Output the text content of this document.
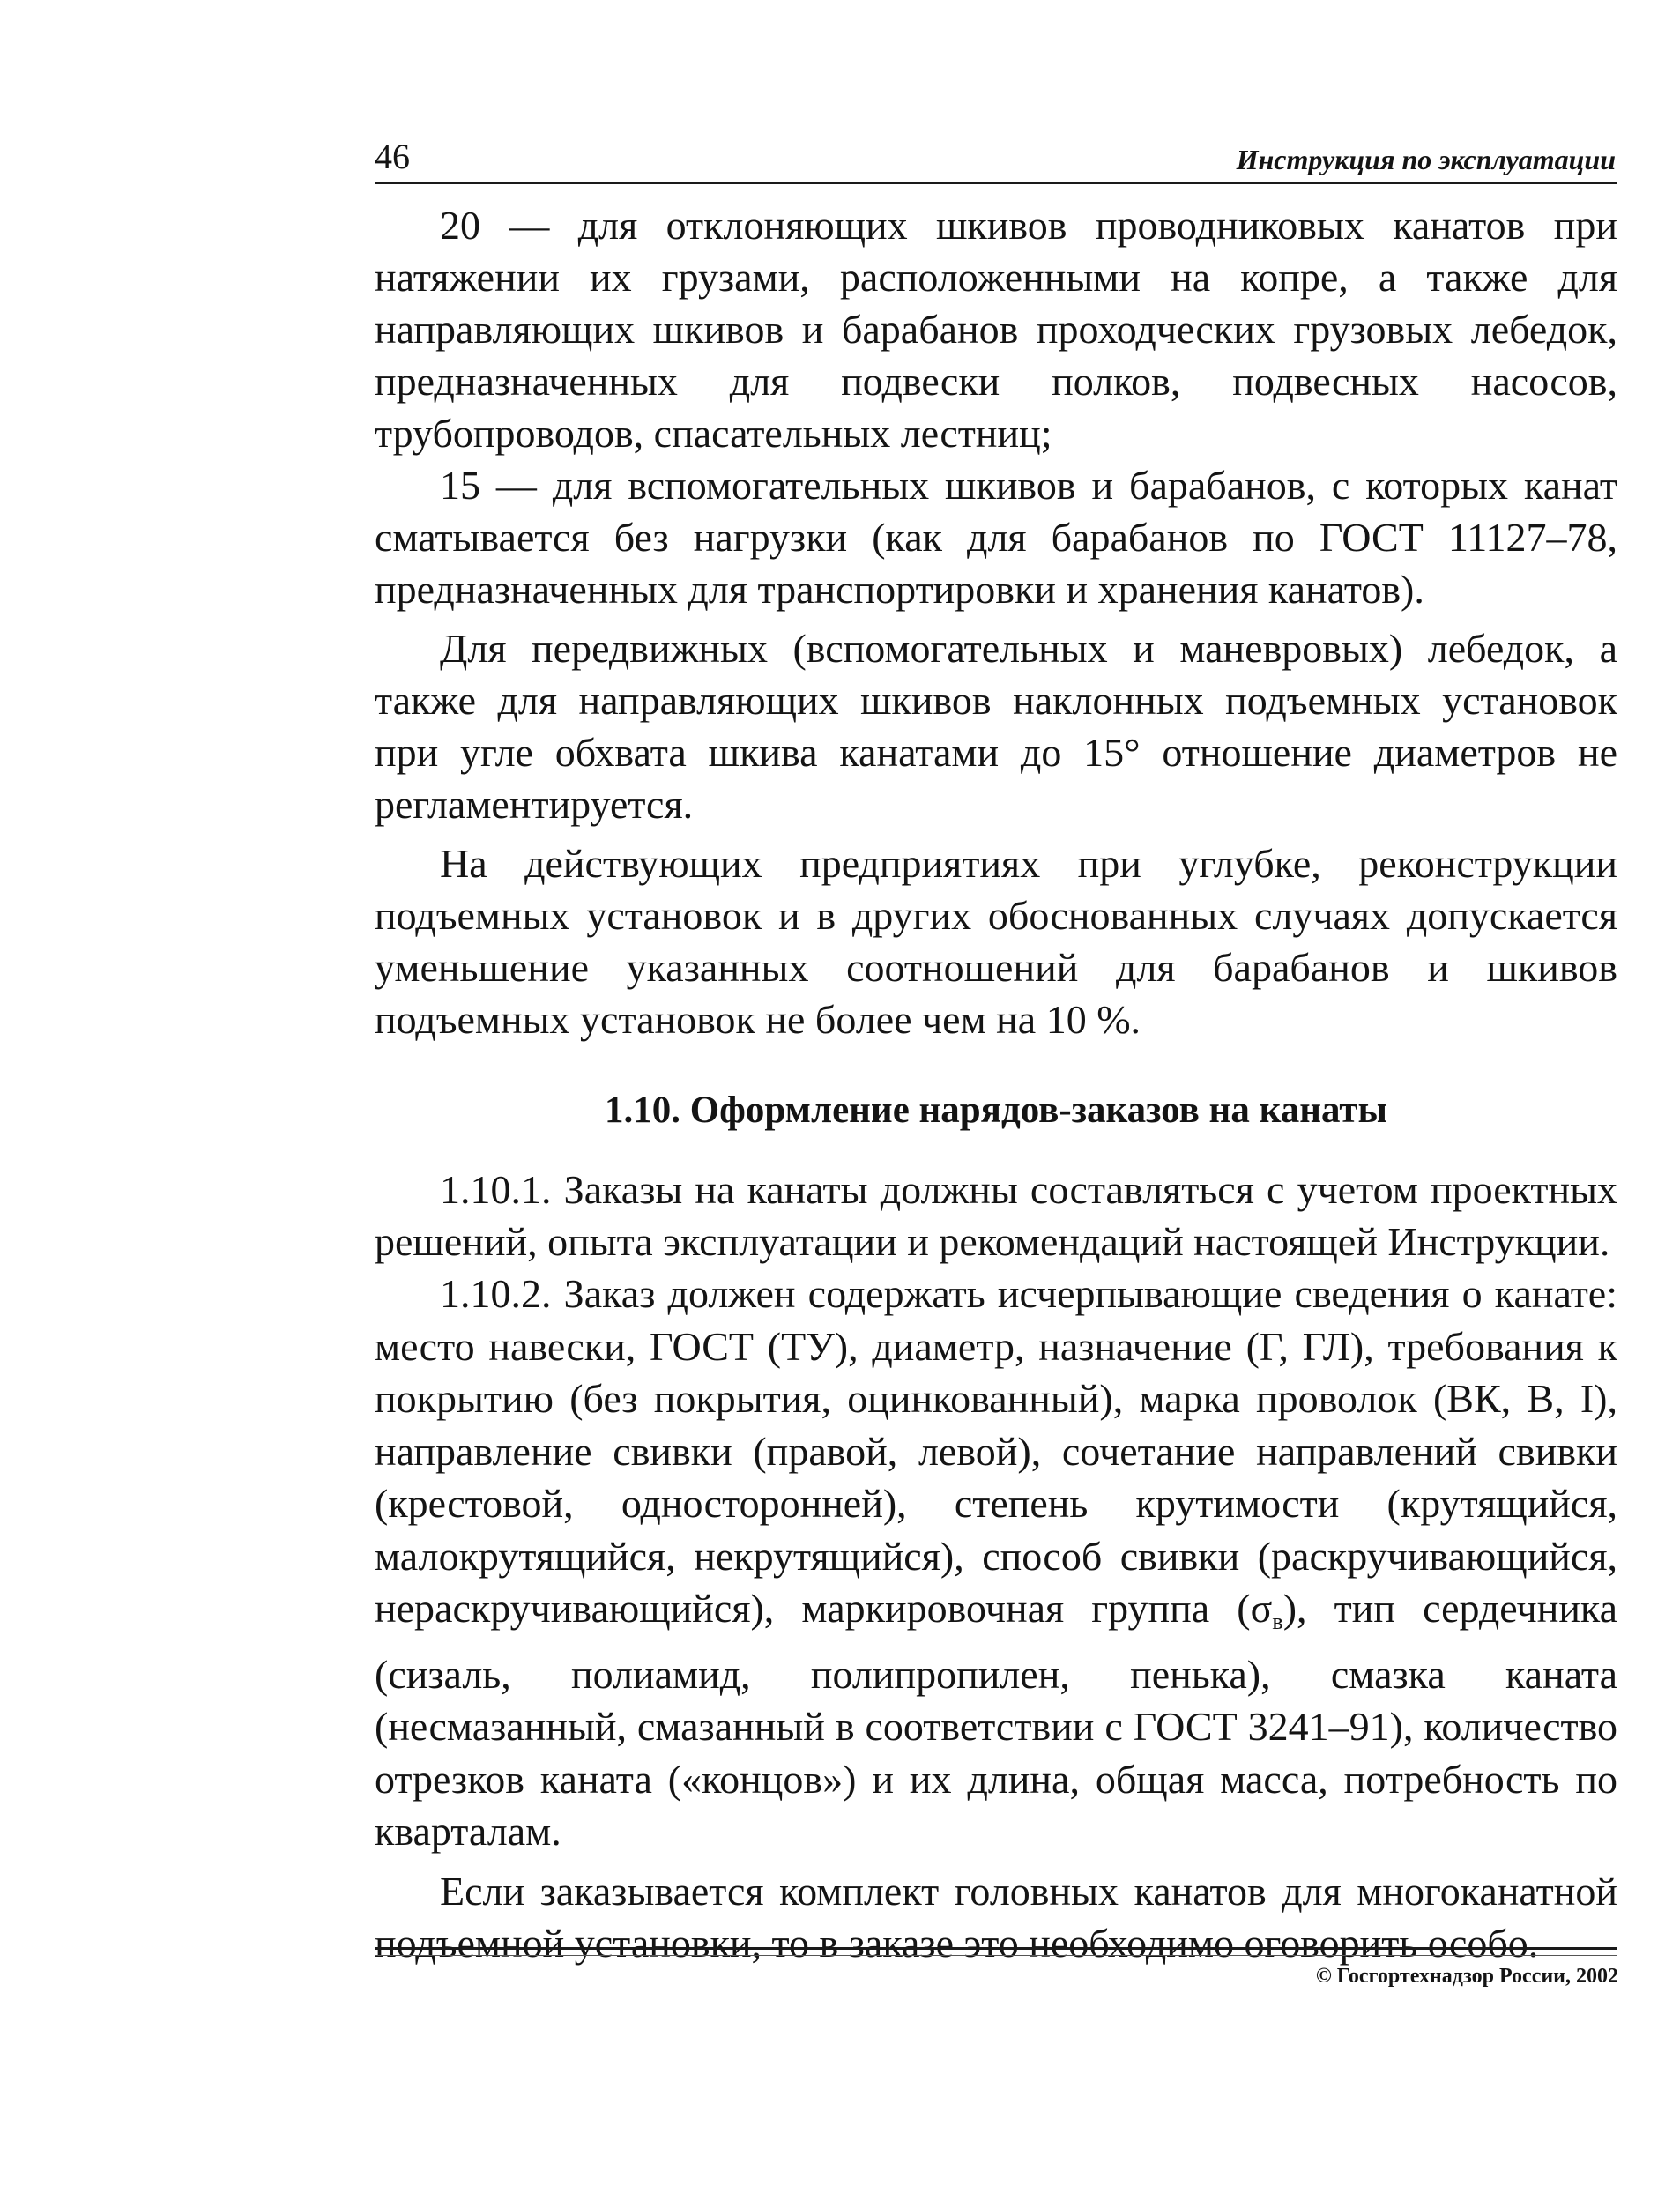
46	Инструкция по эксплуатации

20 — для отклоняющих шкивов проводниковых канатов при натяжении их грузами, расположенными на копре, а также для направляющих шкивов и барабанов проходческих грузовых лебедок, предназначенных для подвески полков, подвесных насосов, трубопроводов, спасательных лестниц;

15 — для вспомогательных шкивов и барабанов, с которых канат сматывается без нагрузки (как для барабанов по ГОСТ 11127–78, предназначенных для транспортировки и хранения канатов).

Для передвижных (вспомогательных и маневровых) лебедок, а также для направляющих шкивов наклонных подъемных установок при угле обхвата шкива канатами до 15° отношение диаметров не регламентируется.

На действующих предприятиях при углубке, реконструкции подъемных установок и в других обоснованных случаях допускается уменьшение указанных соотношений для барабанов и шкивов подъемных установок не более чем на 10 %.

1.10. Оформление нарядов-заказов на канаты

1.10.1. Заказы на канаты должны составляться с учетом проектных решений, опыта эксплуатации и рекомендаций настоящей Инструкции.

1.10.2. Заказ должен содержать исчерпывающие сведения о канате: место навески, ГОСТ (ТУ), диаметр, назначение (Г, ГЛ), требования к покрытию (без покрытия, оцинкованный), марка проволок (ВК, В, I), направление свивки (правой, левой), сочетание направлений свивки (крестовой, односторонней), степень крутимости (крутящийся, малокрутящийся, некрутящийся), способ свивки (раскручивающийся, нераскручивающийся), маркировочная группа $(\sigma_в)$, тип сердечника (сизаль, полиамид, полипропилен, пенька), смазка каната (несмазанный, смазанный в соответствии с ГОСТ 3241–91), количество отрезков каната («концов») и их длина, общая масса, потребность по кварталам.

Если заказывается комплект головных канатов для многоканатной подъемной установки, то в заказе это необходимо оговорить особо.

© Госгортехнадзор России, 2002
